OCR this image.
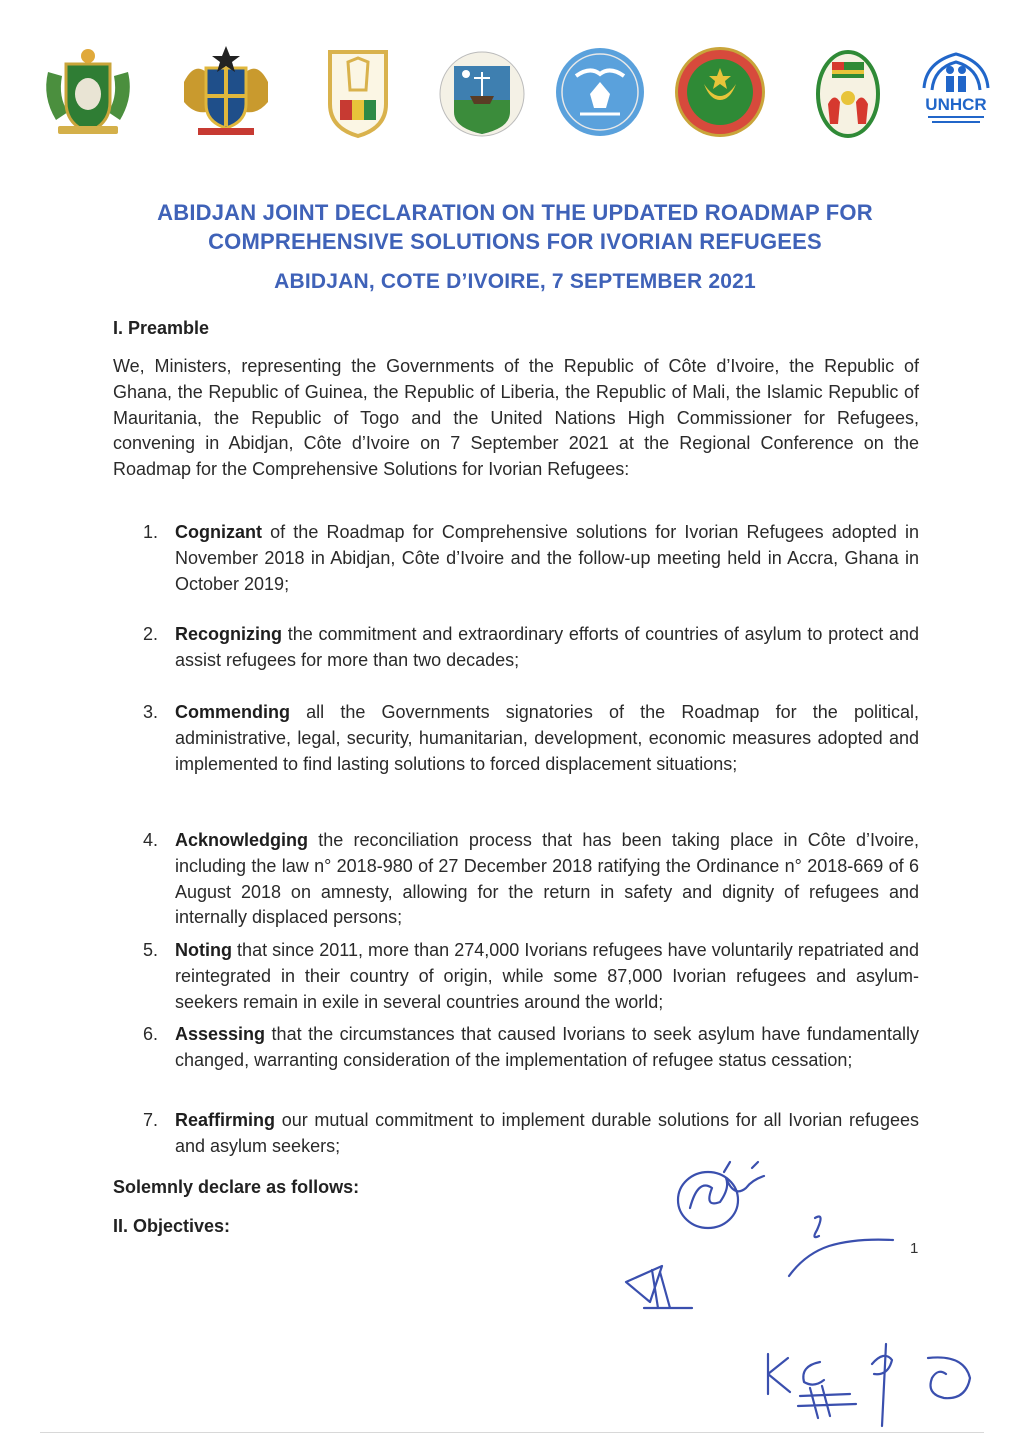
UNHCR
ABIDJAN JOINT DECLARATION ON THE UPDATED ROADMAP FOR
COMPREHENSIVE SOLUTIONS FOR IVORIAN REFUGEES
ABIDJAN, COTE D’IVOIRE, 7 SEPTEMBER 2021
I. Preamble
We, Ministers, representing the Governments of the Republic of Côte d’Ivoire, the Republic of Ghana, the Republic of Guinea, the Republic of Liberia, the Republic of Mali, the Islamic Republic of Mauritania, the Republic of Togo and the United Nations High Commissioner for Refugees, convening in Abidjan, Côte d’Ivoire on 7 September 2021 at the Regional Conference on the Roadmap for the Comprehensive Solutions for Ivorian Refugees:
1. Cognizant of the Roadmap for Comprehensive solutions for Ivorian Refugees adopted in November 2018 in Abidjan, Côte d’Ivoire and the follow-up meeting held in Accra, Ghana in October 2019;
2. Recognizing the commitment and extraordinary efforts of countries of asylum to protect and assist refugees for more than two decades;
3. Commending all the Governments signatories of the Roadmap for the political, administrative, legal, security, humanitarian, development, economic measures adopted and implemented to find lasting solutions to forced displacement situations;
4. Acknowledging the reconciliation process that has been taking place in Côte d’Ivoire, including the law n° 2018-980 of 27 December 2018 ratifying the Ordinance n° 2018-669 of 6 August 2018 on amnesty, allowing for the return in safety and dignity of refugees and internally displaced persons;
5. Noting that since 2011, more than 274,000 Ivorians refugees have voluntarily repatriated and reintegrated in their country of origin, while some 87,000 Ivorian refugees and asylum-seekers remain in exile in several countries around the world;
6. Assessing that the circumstances that caused Ivorians to seek asylum have fundamentally changed, warranting consideration of the implementation of refugee status cessation;
7. Reaffirming our mutual commitment to implement durable solutions for all Ivorian refugees and asylum seekers;
Solemnly declare as follows:
II. Objectives:
1
